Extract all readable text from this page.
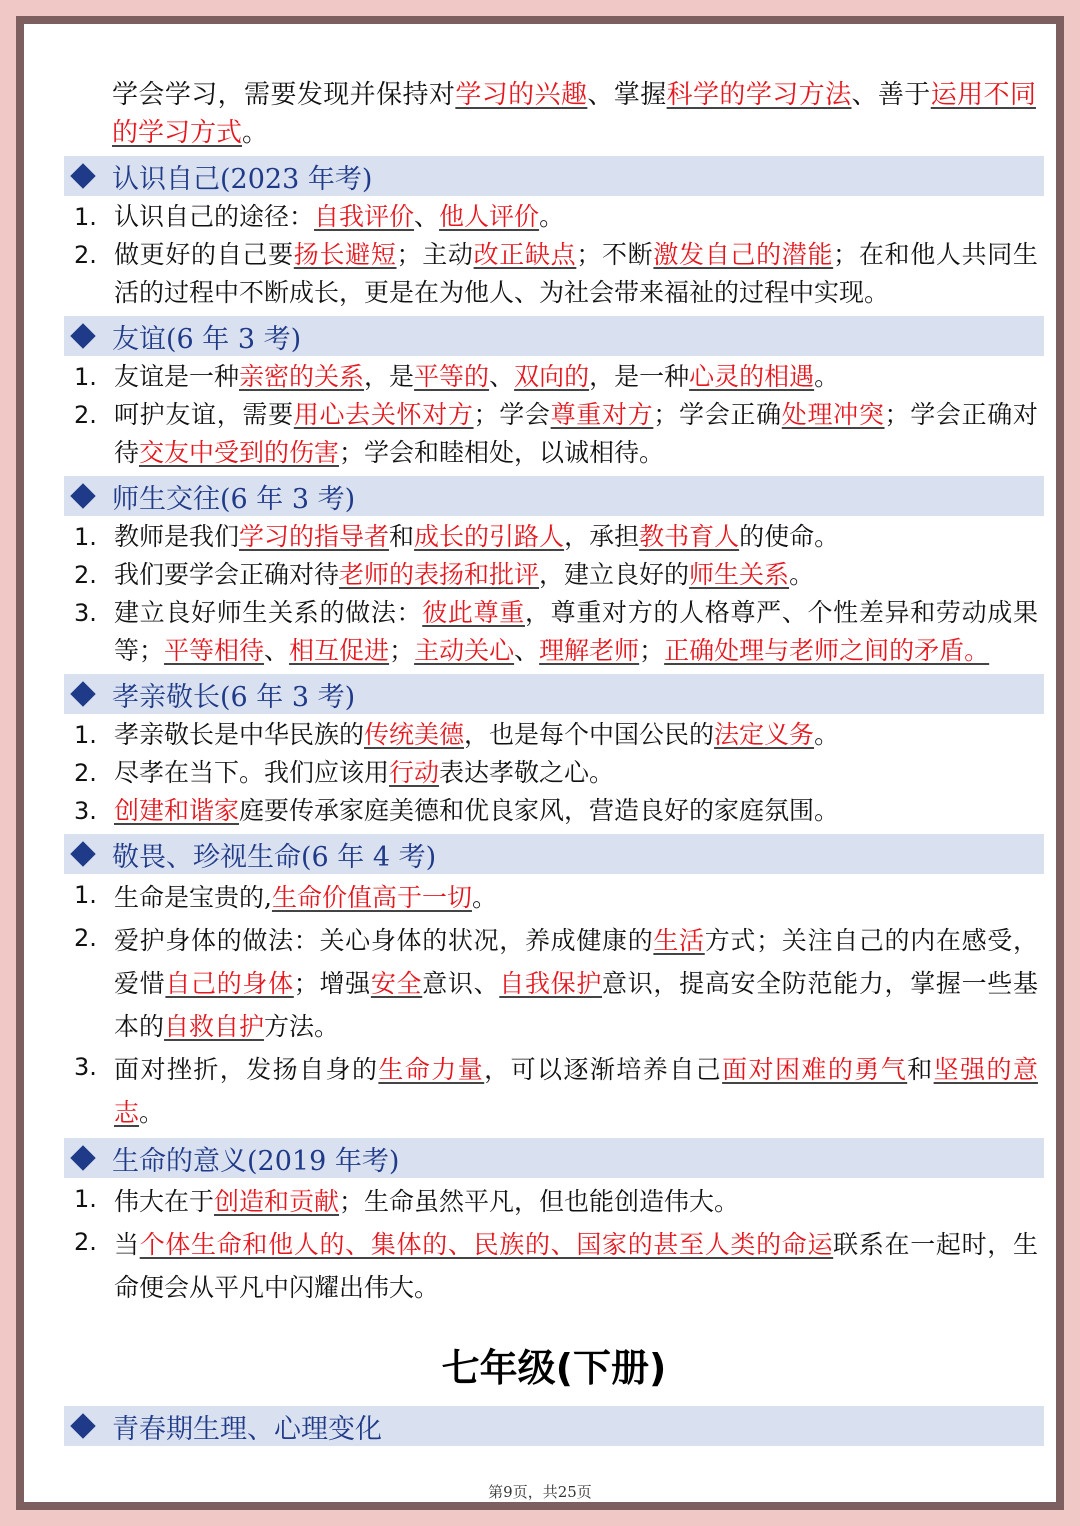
学会学习，需要发现并保持对学习的兴趣、掌握科学的学习方法、善于运用不同的学习方式。
认识自己(2023 年考)
1. 认识自己的途径：自我评价、他人评价。
2. 做更好的自己要扬长避短；主动改正缺点；不断激发自己的潜能；在和他人共同生活的过程中不断成长，更是在为他人、为社会带来福祉的过程中实现。
友谊(6 年 3 考)
1. 友谊是一种亲密的关系，是平等的、双向的，是一种心灵的相遇。
2. 呵护友谊，需要用心去关怀对方；学会尊重对方；学会正确处理冲突；学会正确对待交友中受到的伤害；学会和睦相处，以诚相待。
师生交往(6 年 3 考)
1. 教师是我们学习的指导者和成长的引路人，承担教书育人的使命。
2. 我们要学会正确对待老师的表扬和批评，建立良好的师生关系。
3. 建立良好师生关系的做法：彼此尊重，尊重对方的人格尊严、个性差异和劳动成果等；平等相待、相互促进；主动关心、理解老师；正确处理与老师之间的矛盾。
孝亲敬长(6 年 3 考)
1. 孝亲敬长是中华民族的传统美德，也是每个中国公民的法定义务。
2. 尽孝在当下。我们应该用行动表达孝敬之心。
3. 创建和谐家庭要传承家庭美德和优良家风，营造良好的家庭氛围。
敬畏、珍视生命(6 年 4 考)
1. 生命是宝贵的,生命价值高于一切。
2. 爱护身体的做法：关心身体的状况，养成健康的生活方式；关注自己的内在感受，爱惜自己的身体；增强安全意识、自我保护意识，提高安全防范能力，掌握一些基本的自救自护方法。
3. 面对挫折，发扬自身的生命力量，可以逐渐培养自己面对困难的勇气和坚强的意志。
生命的意义(2019 年考)
1. 伟大在于创造和贡献；生命虽然平凡，但也能创造伟大。
2. 当个体生命和他人的、集体的、民族的、国家的甚至人类的命运联系在一起时，生命便会从平凡中闪耀出伟大。
七年级(下册)
青春期生理、心理变化
第9页，共25页
